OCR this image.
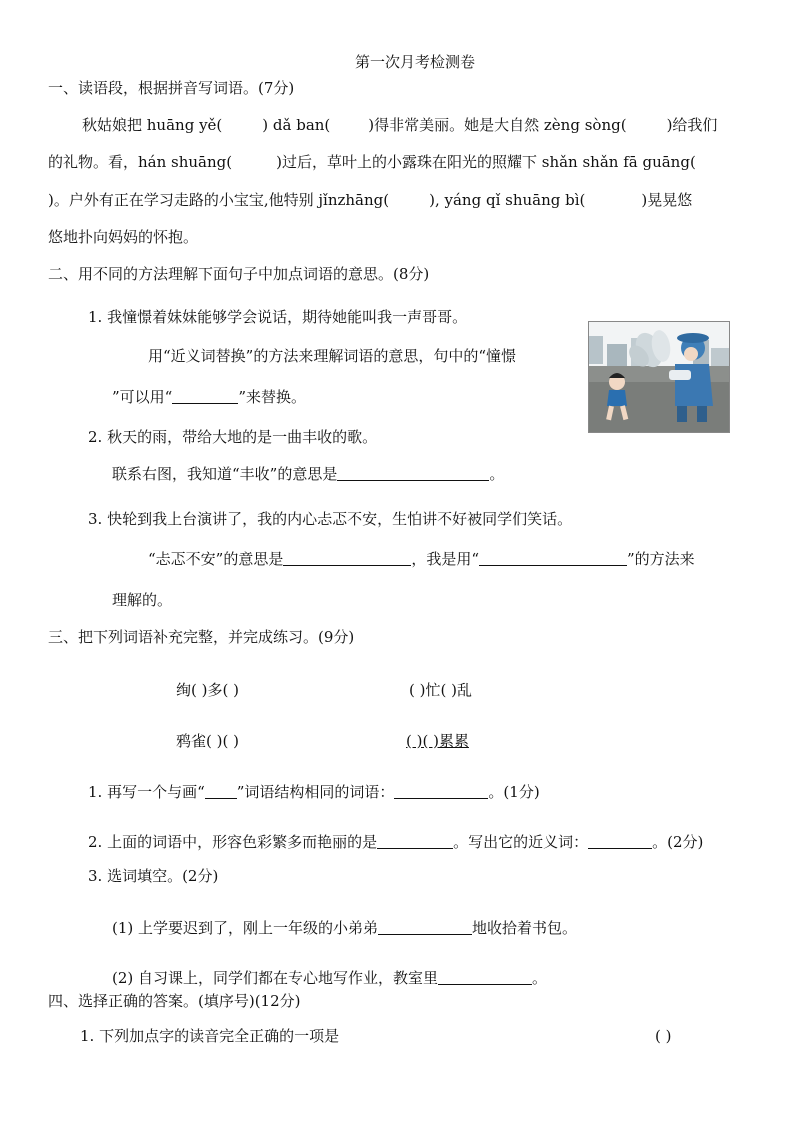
第一次月考检测卷
一、读语段，根据拼音写词语。(7分)
秋姑娘把 huāng yě(	) dǎ ban(	)得非常美丽。她是大自然 zèng sòng(	)给我们
的礼物。看，hán shuāng(	)过后，草叶上的小露珠在阳光的照耀下 shǎn shǎn fā guāng(
)。户外有正在学习走路的小宝宝,他特别 jǐnzhāng(	), yáng qǐ shuāng bì(	)晃晃悠
悠地扑向妈妈的怀抱。
二、用不同的方法理解下面句子中加点词语的意思。(8分)
1. 我憧憬着妹妹能够学会说话，期待她能叫我一声哥哥。
用“近义词替换”的方法来理解词语的意思，句中的“憧憬
”可以用“	”来替换。
2. 秋天的雨，带给大地的是一曲丰收的歌。
联系右图，我知道“丰收”的意思是	。
3. 快轮到我上台演讲了，我的内心忐忑不安，生怕讲不好被同学们笑话。
“忐忑不安”的意思是	，我是用“	”的方法来
理解的。
三、把下列词语补充完整，并完成练习。(9分)
绚( )多( )	( )忙( )乱
鸦雀( )( )	( )( )累累
1. 再写一个与画“ ”词语结构相同的词语：	。(1分)
2. 上面的词语中，形容色彩繁多而艳丽的是	。写出它的近义词：	。(2分)
3. 选词填空。(2分)
(1) 上学要迟到了，刚上一年级的小弟弟	地收拾着书包。
(2) 自习课上，同学们都在专心地写作业，教室里	。
四、选择正确的答案。(填序号)(12分)
1. 下列加点字的读音完全正确的一项是	( )
